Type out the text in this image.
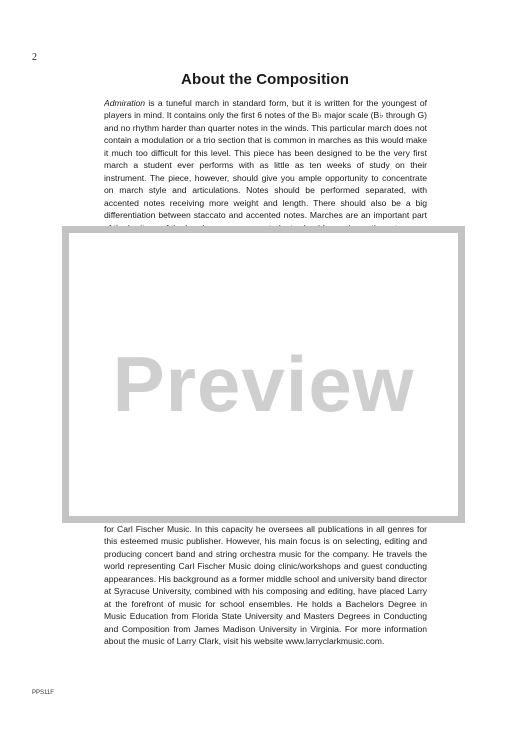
2
About the Composition

Admiration is a tuneful march in standard form, but it is written for the youngest of players in mind. It contains only the first 6 notes of the B♭ major scale (B♭ through G) and no rhythm harder than quarter notes in the winds. This particular march does not contain a modulation or a trio section that is common in marches as this would make it much too difficult for this level. This piece has been designed to be the very first march a student ever performs with as little as ten weeks of study on their instrument. The piece, however, should give you ample opportunity to concentrate on march style and articulations. Notes should be performed separated, with accented notes receiving more weight and length. There should also be a big differentiation between staccato and accented notes. Marches are an important part

Preview

for Carl Fischer Music. In this capacity he oversees all publications in all genres for this esteemed music publisher. However, his main focus is on selecting, editing and producing concert band and string orchestra music for the company. He travels the world representing Carl Fischer Music doing clinic/workshops and guest conducting appearances. His background as a former middle school and university band director at Syracuse University, combined with his composing and editing, have placed Larry at the forefront of music for school ensembles. He holds a Bachelors Degree in Music Education from Florida State University and Masters Degrees in Conducting and Composition from James Madison University in Virginia. For more information about the music of Larry Clark, visit his website www.larryclarkmusic.com.

PPS11F
